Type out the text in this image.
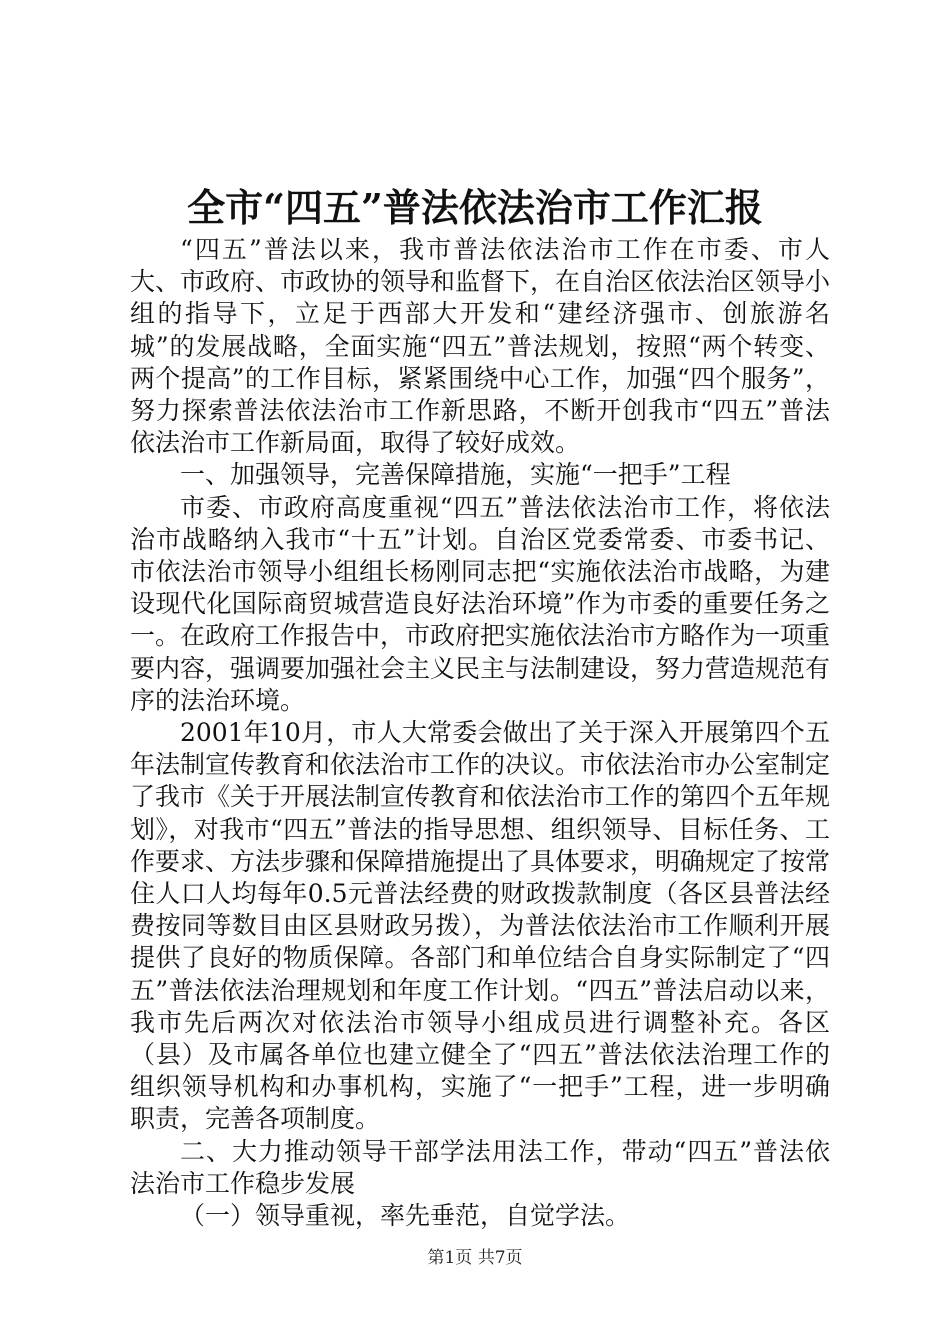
全市“四五”普法依法治市工作汇报

“四五”普法以来，我市普法依法治市工作在市委、市人大、市政府、市政协的领导和监督下，在自治区依法治区领导小组的指导下，立足于西部大开发和“建经济强市、创旅游名城”的发展战略，全面实施“四五”普法规划，按照“两个转变、两个提高”的工作目标，紧紧围绕中心工作，加强“四个服务”，努力探索普法依法治市工作新思路，不断开创我市“四五”普法依法治市工作新局面，取得了较好成效。

一、加强领导，完善保障措施，实施“一把手”工程

市委、市政府高度重视“四五”普法依法治市工作，将依法治市战略纳入我市“十五”计划。自治区党委常委、市委书记、市依法治市领导小组组长杨刚同志把“实施依法治市战略，为建设现代化国际商贸城营造良好法治环境”作为市委的重要任务之一。在政府工作报告中，市政府把实施依法治市方略作为一项重要内容，强调要加强社会主义民主与法制建设，努力营造规范有序的法治环境。

2001年10月，市人大常委会做出了关于深入开展第四个五年法制宣传教育和依法治市工作的决议。市依法治市办公室制定了我市《关于开展法制宣传教育和依法治市工作的第四个五年规划》，对我市“四五”普法的指导思想、组织领导、目标任务、工作要求、方法步骤和保障措施提出了具体要求，明确规定了按常住人口人均每年0.5元普法经费的财政拨款制度（各区县普法经费按同等数目由区县财政另拨），为普法依法治市工作顺利开展提供了良好的物质保障。各部门和单位结合自身实际制定了“四五”普法依法治理规划和年度工作计划。“四五”普法启动以来，我市先后两次对依法治市领导小组成员进行调整补充。各区（县）及市属各单位也建立健全了“四五”普法依法治理工作的组织领导机构和办事机构，实施了“一把手”工程，进一步明确职责，完善各项制度。

二、大力推动领导干部学法用法工作，带动“四五”普法依法治市工作稳步发展

（一）领导重视，率先垂范，自觉学法。

第1页 共7页
